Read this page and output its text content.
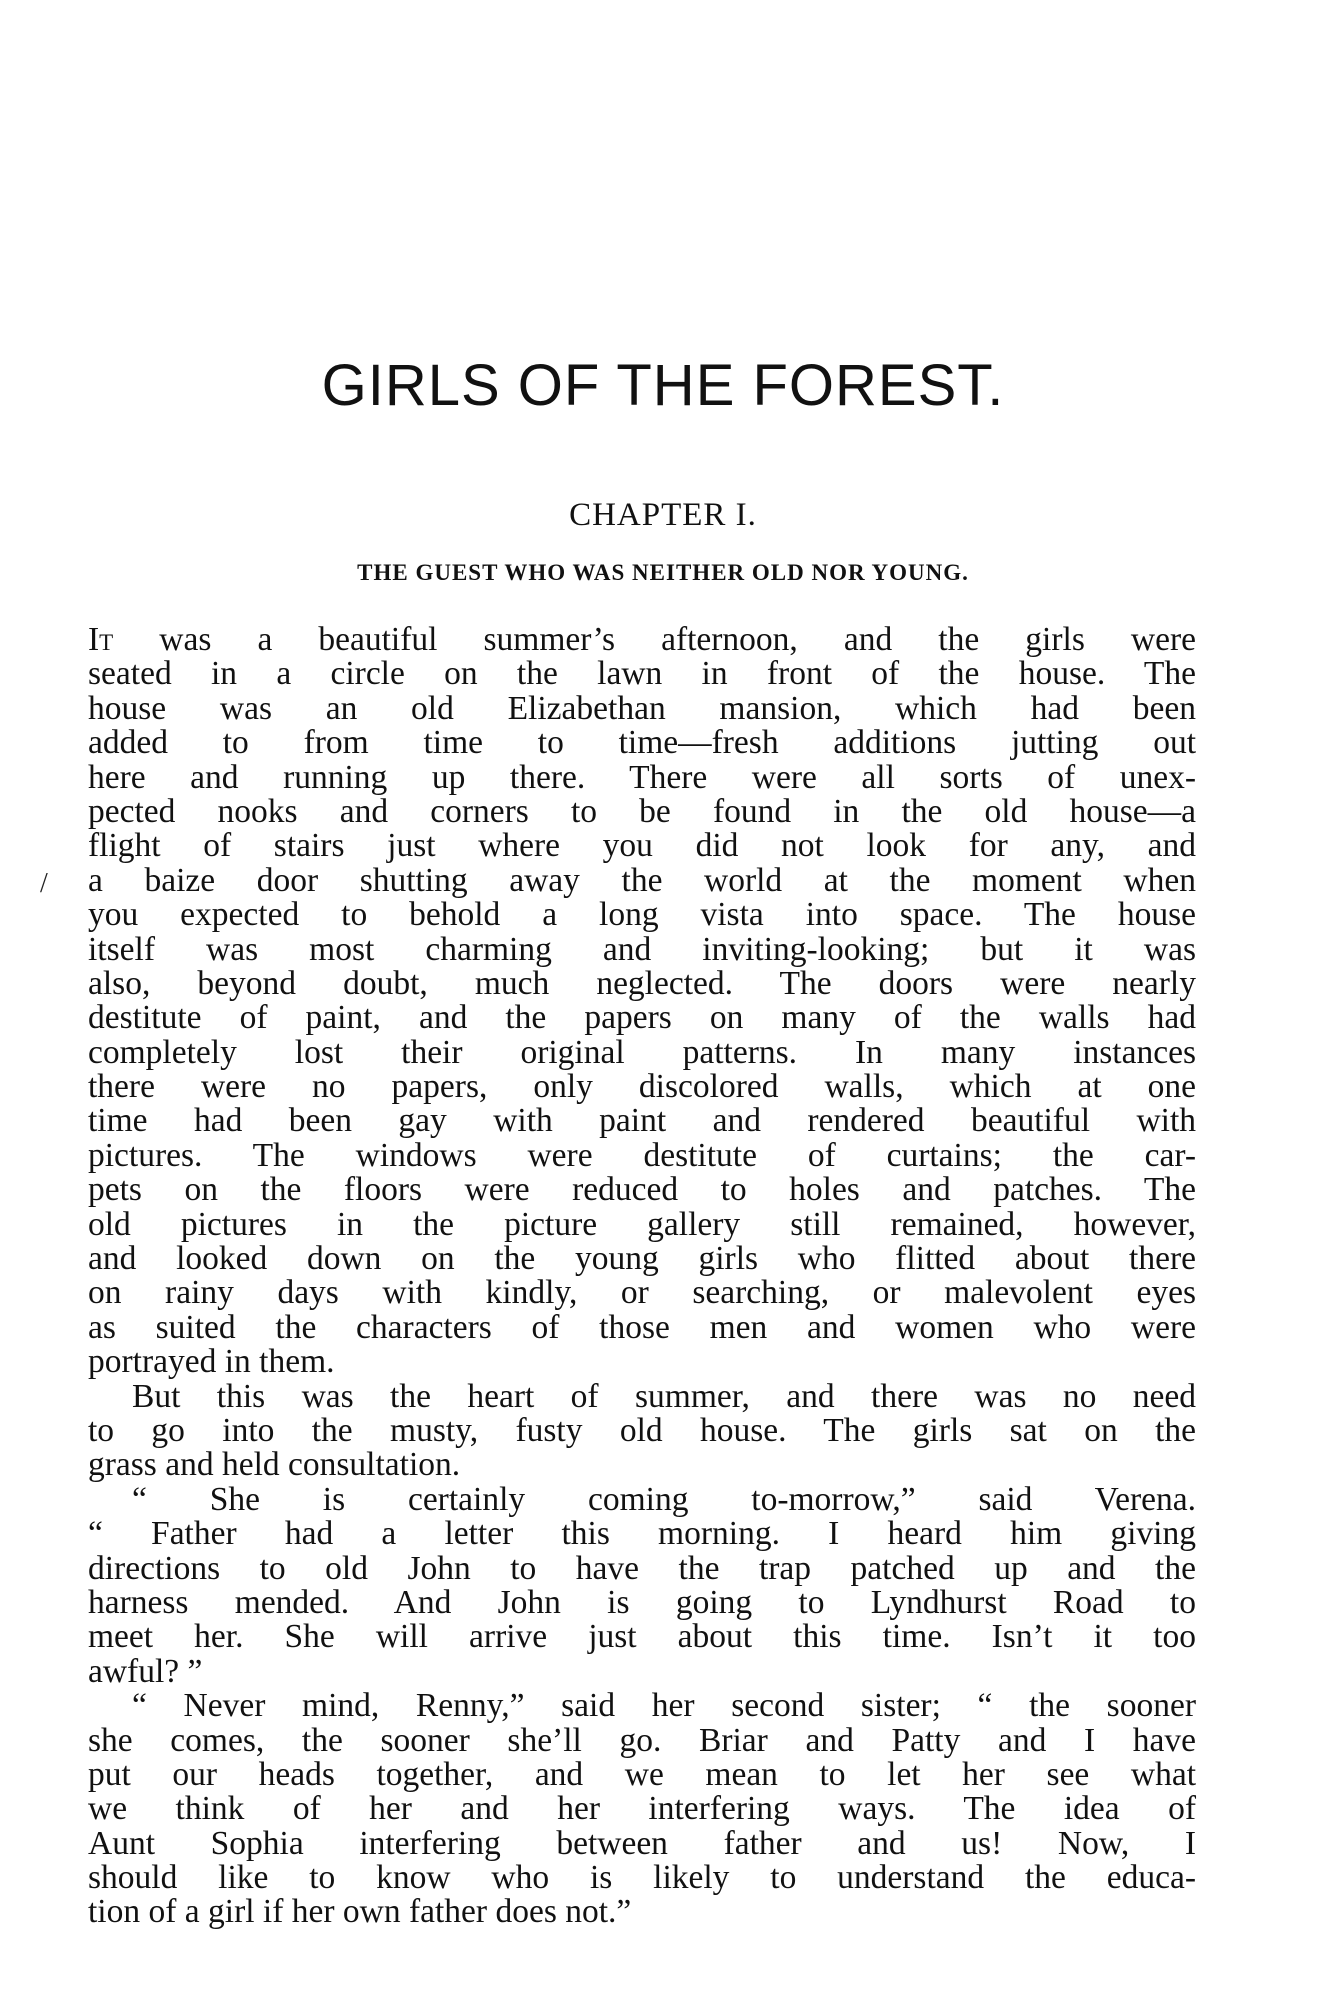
GIRLS OF THE FOREST.
CHAPTER I.
THE GUEST WHO WAS NEITHER OLD NOR YOUNG.
/
It was a beautiful summer’s afternoon, and the girls were
seated in a circle on the lawn in front of the house. The
house was an old Elizabethan mansion, which had been
added to from time to time—fresh additions jutting out
here and running up there. There were all sorts of unex-
pected nooks and corners to be found in the old house—a
flight of stairs just where you did not look for any, and
a baize door shutting away the world at the moment when
you expected to behold a long vista into space. The house
itself was most charming and inviting-looking; but it was
also, beyond doubt, much neglected. The doors were nearly
destitute of paint, and the papers on many of the walls had
completely lost their original patterns. In many instances
there were no papers, only discolored walls, which at one
time had been gay with paint and rendered beautiful with
pictures. The windows were destitute of curtains; the car-
pets on the floors were reduced to holes and patches. The
old pictures in the picture gallery still remained, however,
and looked down on the young girls who flitted about there
on rainy days with kindly, or searching, or malevolent eyes
as suited the characters of those men and women who were
portrayed in them.
But this was the heart of summer, and there was no need
to go into the musty, fusty old house. The girls sat on the
grass and held consultation.
“ She is certainly coming to-morrow,” said Verena.
“ Father had a letter this morning. I heard him giving
directions to old John to have the trap patched up and the
harness mended. And John is going to Lyndhurst Road to
meet her. She will arrive just about this time. Isn’t it too
awful? ”
“ Never mind, Renny,” said her second sister; “ the sooner
she comes, the sooner she’ll go. Briar and Patty and I have
put our heads together, and we mean to let her see what
we think of her and her interfering ways. The idea of
Aunt Sophia interfering between father and us! Now, I
should like to know who is likely to understand the educa-
tion of a girl if her own father does not.”
